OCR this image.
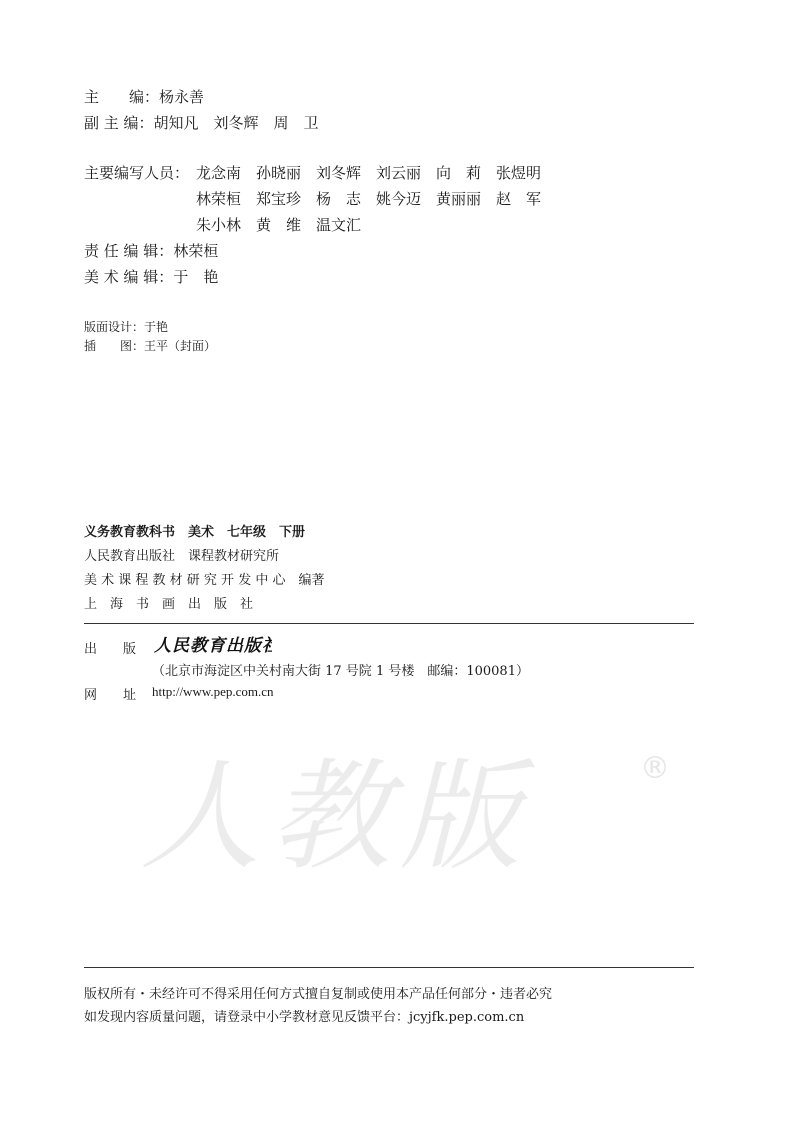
主　　编：杨永善
副 主 编：胡知凡　刘冬辉　周　卫
主要编写人员： 龙念南　孙晓丽　刘冬辉　刘云丽　向　莉　张煜明
林荣桓　郑宝珍　杨　志　姚今迈　黄丽丽　赵　军
朱小林　黄　维　温文汇
责 任 编 辑：林荣桓
美 术 编 辑：于　艳
版面设计：于艳
插　　图：王平（封面）
义务教育教科书　美术　七年级　下册
人民教育出版社　课程教材研究所
美 术 课 程 教 材 研 究 开 发 中 心　编著
上　海　书　画　出　版　社
出　　版 人民教育出版社
（北京市海淀区中关村南大街 17 号院 1 号楼　邮编：100081）
网　　址 http://www.pep.com.cn
人教版	®
版权所有・未经许可不得采用任何方式擅自复制或使用本产品任何部分・违者必究
如发现内容质量问题，请登录中小学教材意见反馈平台：jcyjfk.pep.com.cn
